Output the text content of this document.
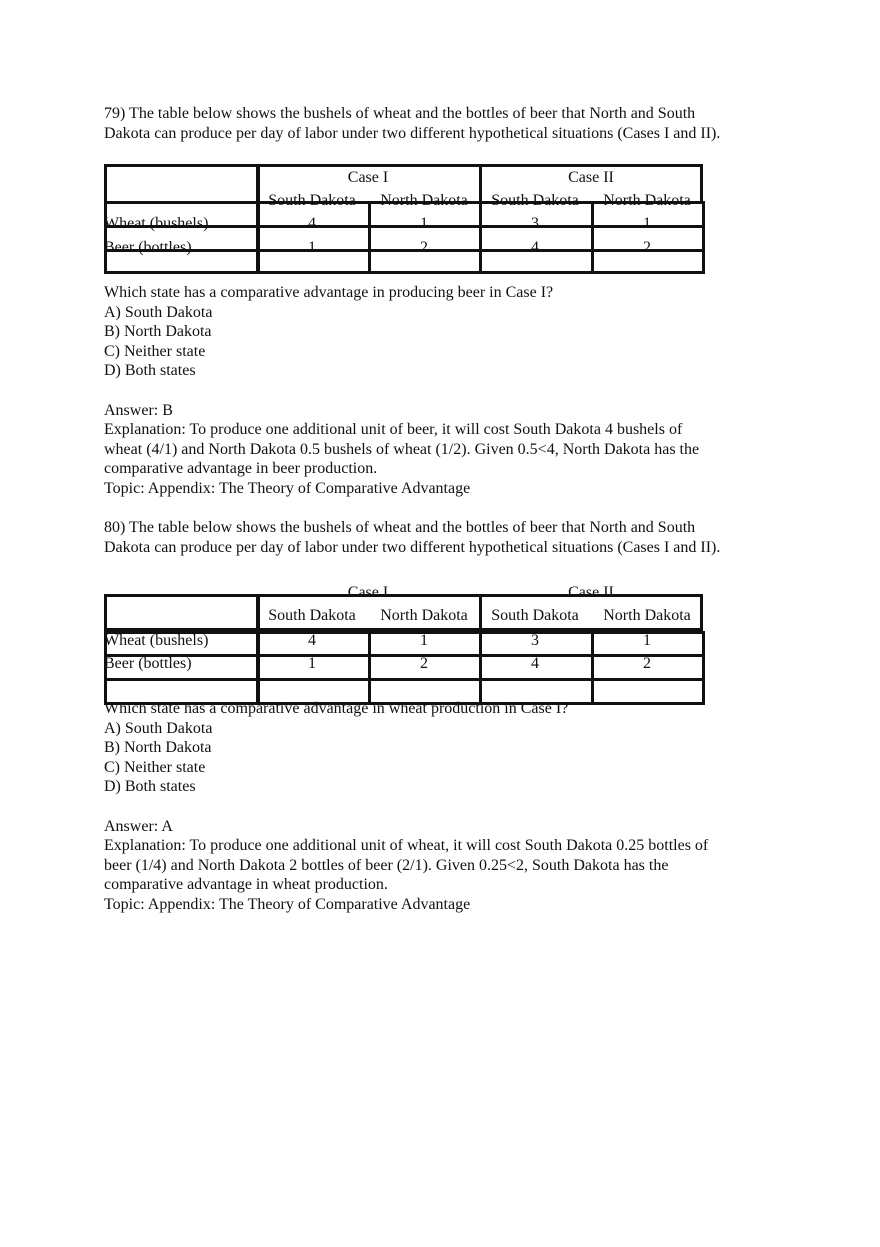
79) The table below shows the bushels of wheat and the bottles of beer that North and South
Dakota can produce per day of labor under two different hypothetical situations (Cases I and II).
Case I	Case II
South Dakota	North Dakota	South Dakota	North Dakota
Wheat (bushels)	4	1	3	1
Beer (bottles)	1	2	4	2
Which state has a comparative advantage in producing beer in Case I?
A) South Dakota
B) North Dakota
C) Neither state
D) Both states
Answer: B
Explanation: To produce one additional unit of beer, it will cost South Dakota 4 bushels of
wheat (4/1) and North Dakota 0.5 bushels of wheat (1/2). Given 0.5<4, North Dakota has the
comparative advantage in beer production.
Topic: Appendix: The Theory of Comparative Advantage
80) The table below shows the bushels of wheat and the bottles of beer that North and South
Dakota can produce per day of labor under two different hypothetical situations (Cases I and II).
Case I	Case II
South Dakota	North Dakota	South Dakota	North Dakota
Wheat (bushels)	4	1	3	1
Beer (bottles)	1	2	4	2
Which state has a comparative advantage in wheat production in Case I?
A) South Dakota
B) North Dakota
C) Neither state
D) Both states
Answer: A
Explanation: To produce one additional unit of wheat, it will cost South Dakota 0.25 bottles of
beer (1/4) and North Dakota 2 bottles of beer (2/1). Given 0.25<2, South Dakota has the
comparative advantage in wheat production.
Topic: Appendix: The Theory of Comparative Advantage
